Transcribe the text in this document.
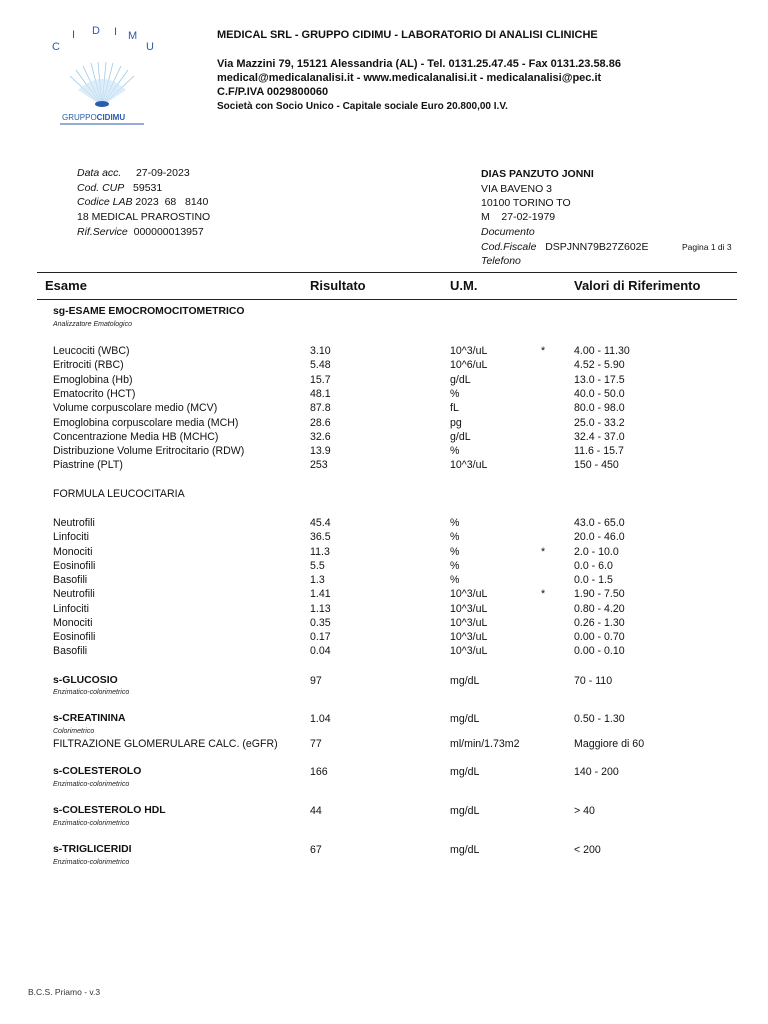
C
I D I M
U
GRUPPOCIDIMU
MEDICAL SRL - GRUPPO CIDIMU - LABORATORIO DI ANALISI CLINICHE
Via Mazzini 79, 15121 Alessandria (AL) - Tel. 0131.25.47.45 - Fax 0131.23.58.86
medical@medicalanalisi.it - www.medicalanalisi.it - medicalanalisi@pec.it
C.F/P.IVA 0029800060
Società con Socio Unico - Capitale sociale Euro 20.800,00 I.V.
Data acc. 27-09-2023
Cod. CUP 59531
Codice LAB 2023  68   8140
18 MEDICAL PRAROSTINO
Rif.Service 000000013957
DIAS PANZUTO JONNI
VIA BAVENO 3
10100 TORINO TO
M 27-02-1979
Documento
Cod.Fiscale DSPJNN79B27Z602E	Pagina 1 di 3
Telefono
Esame	Risultato	U.M.	Valori di Riferimento
sg-ESAME EMOCROMOCITOMETRICO
Analizzatore Ematologico
Leucociti (WBC)	3.10	10^3/uL	*	4.00 - 11.30
Eritrociti (RBC)	5.48	10^6/uL	4.52 - 5.90
Emoglobina (Hb)	15.7	g/dL	13.0 - 17.5
Ematocrito (HCT)	48.1	%	40.0 - 50.0
Volume corpuscolare medio (MCV)	87.8	fL	80.0 - 98.0
Emoglobina corpuscolare media (MCH)	28.6	pg	25.0 - 33.2
Concentrazione Media HB (MCHC)	32.6	g/dL	32.4 - 37.0
Distribuzione Volume Eritrocitario (RDW)	13.9	%	11.6 - 15.7
Piastrine (PLT)	253	10^3/uL	150 - 450
FORMULA LEUCOCITARIA
Neutrofili	45.4	%	43.0 - 65.0
Linfociti	36.5	%	20.0 - 46.0
Monociti	11.3	%	*	2.0 - 10.0
Eosinofili	5.5	%	0.0 - 6.0
Basofili	1.3	%	0.0 - 1.5
Neutrofili	1.41	10^3/uL	*	1.90 - 7.50
Linfociti	1.13	10^3/uL	0.80 - 4.20
Monociti	0.35	10^3/uL	0.26 - 1.30
Eosinofili	0.17	10^3/uL	0.00 - 0.70
Basofili	0.04	10^3/uL	0.00 - 0.10
s-GLUCOSIO	97	mg/dL	70 - 110
Enzimatico-colorimetrico
s-CREATININA	1.04	mg/dL	0.50 - 1.30
Colorimetrico
FILTRAZIONE GLOMERULARE CALC. (eGFR)	77	ml/min/1.73m2	Maggiore di 60
s-COLESTEROLO	166	mg/dL	140 - 200
Enzimatico-colorimetrico
s-COLESTEROLO HDL	44	mg/dL	> 40
Enzimatico-colorimetrico
s-TRIGLICERIDI	67	mg/dL	< 200
Enzimatico-colorimetrico
B.C.S. Priamo - v.3
